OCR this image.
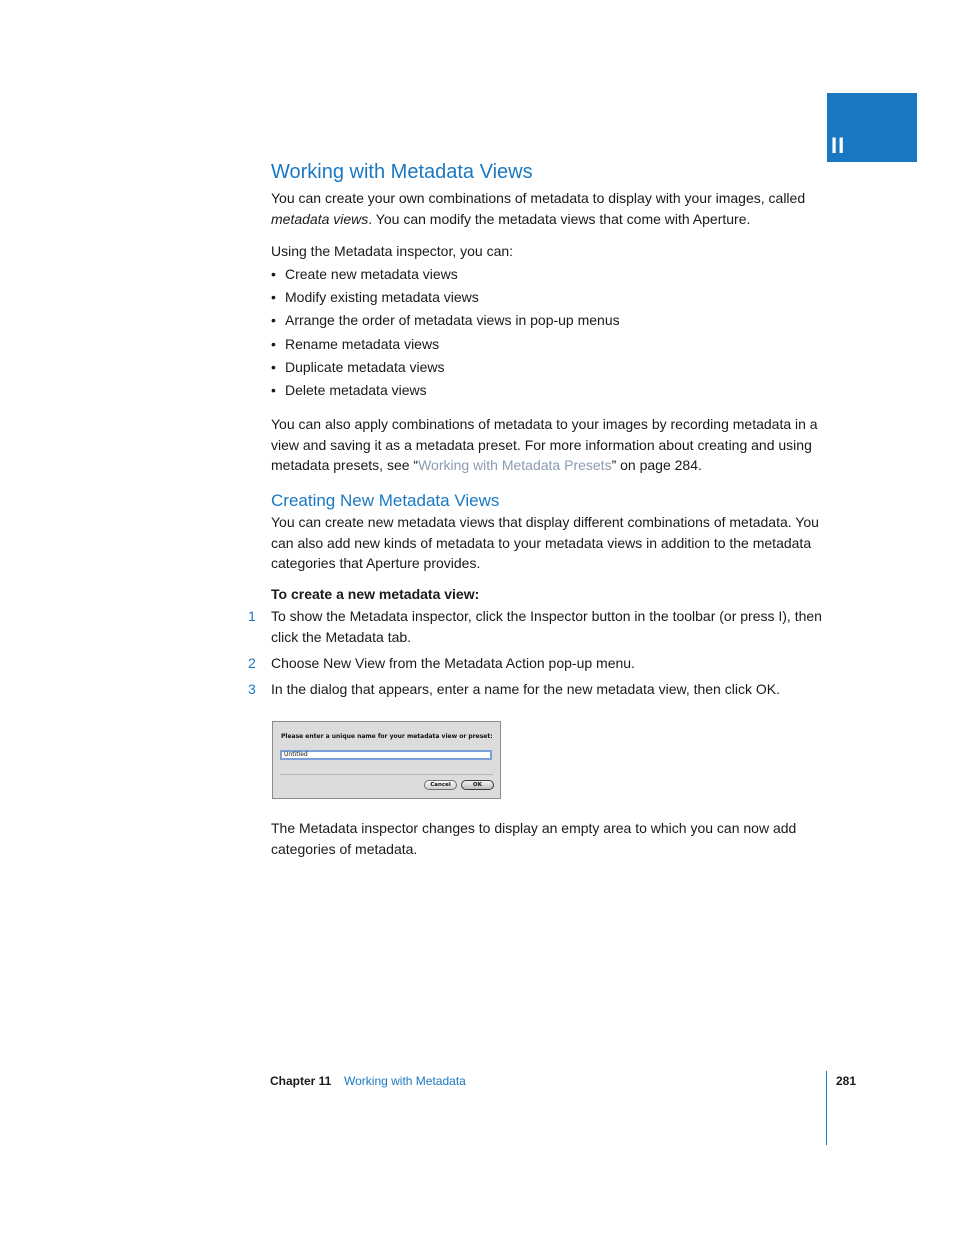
II
Working with Metadata Views

You can create your own combinations of metadata to display with your images, called metadata views. You can modify the metadata views that come with Aperture.

Using the Metadata inspector, you can:

• Create new metadata views
• Modify existing metadata views
• Arrange the order of metadata views in pop-up menus
• Rename metadata views
• Duplicate metadata views
• Delete metadata views

You can also apply combinations of metadata to your images by recording metadata in a view and saving it as a metadata preset. For more information about creating and using metadata presets, see “Working with Metadata Presets” on page 284.

Creating New Metadata Views

You can create new metadata views that display different combinations of metadata. You can also add new kinds of metadata to your metadata views in addition to the metadata categories that Aperture provides.

To create a new metadata view:

1	To show the Metadata inspector, click the Inspector button in the toolbar (or press I), then click the Metadata tab.
2	Choose New View from the Metadata Action pop-up menu.
3	In the dialog that appears, enter a name for the new metadata view, then click OK.
Please enter a unique name for your metadata view or preset:
Untitled
Cancel	OK

The Metadata inspector changes to display an empty area to which you can now add categories of metadata.

Chapter 11 Working with Metadata	281
